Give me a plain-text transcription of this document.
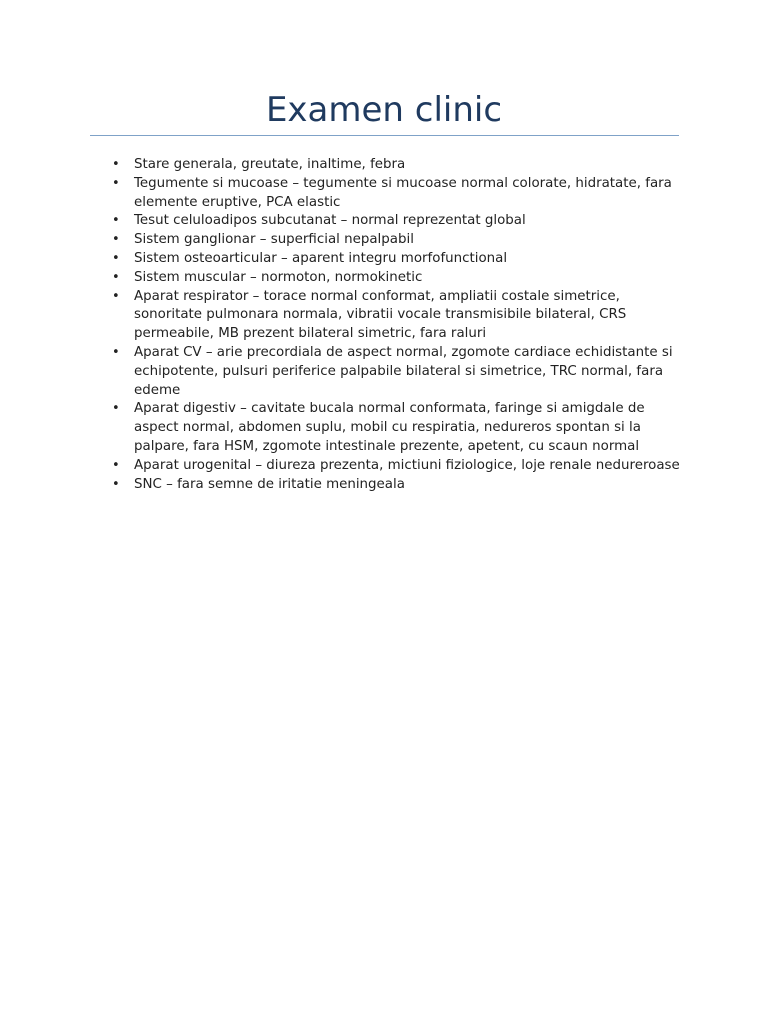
Examen clinic
• Stare generala, greutate, inaltime, febra
• Tegumente si mucoase – tegumente si mucoase normal colorate, hidratate, fara elemente eruptive, PCA elastic
• Tesut celuloadipos subcutanat – normal reprezentat global
• Sistem ganglionar – superficial nepalpabil
• Sistem osteoarticular – aparent integru morfofunctional
• Sistem muscular – normoton, normokinetic
• Aparat respirator – torace normal conformat, ampliatii costale simetrice, sonoritate pulmonara normala, vibratii vocale transmisibile bilateral, CRS permeabile, MB prezent bilateral simetric, fara raluri
• Aparat CV – arie precordiala de aspect normal, zgomote cardiace echidistante si echipotente, pulsuri periferice palpabile bilateral si simetrice, TRC normal, fara edeme
• Aparat digestiv – cavitate bucala normal conformata, faringe si amigdale de aspect normal, abdomen suplu, mobil cu respiratia, nedureros spontan si la palpare, fara HSM, zgomote intestinale prezente, apetent, cu scaun normal
• Aparat urogenital – diureza prezenta, mictiuni fiziologice, loje renale nedureroase
• SNC – fara semne de iritatie meningeala
